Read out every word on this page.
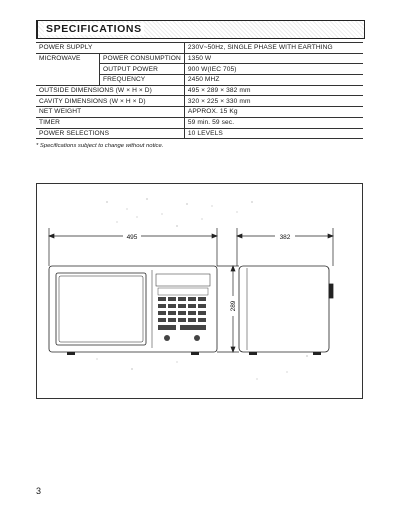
SPECIFICATIONS
POWER SUPPLY		230V~50Hz, SINGLE PHASE WITH EARTHING
MICROWAVE	POWER CONSUMPTION	1350 W
	OUTPUT POWER	900 W(IEC 705)
	FREQUENCY	2450 MHZ
OUTSIDE DIMENSIONS (W × H × D)		495 × 289 × 382 mm
CAVITY DIMENSIONS (W × H × D)		320 × 225 × 330 mm
NET WEIGHT		APPROX. 15 Kg
TIMER		59 min. 59 sec.
POWER SELECTIONS		10 LEVELS
* Specifications subject to change without notice.
495
289
382
3
